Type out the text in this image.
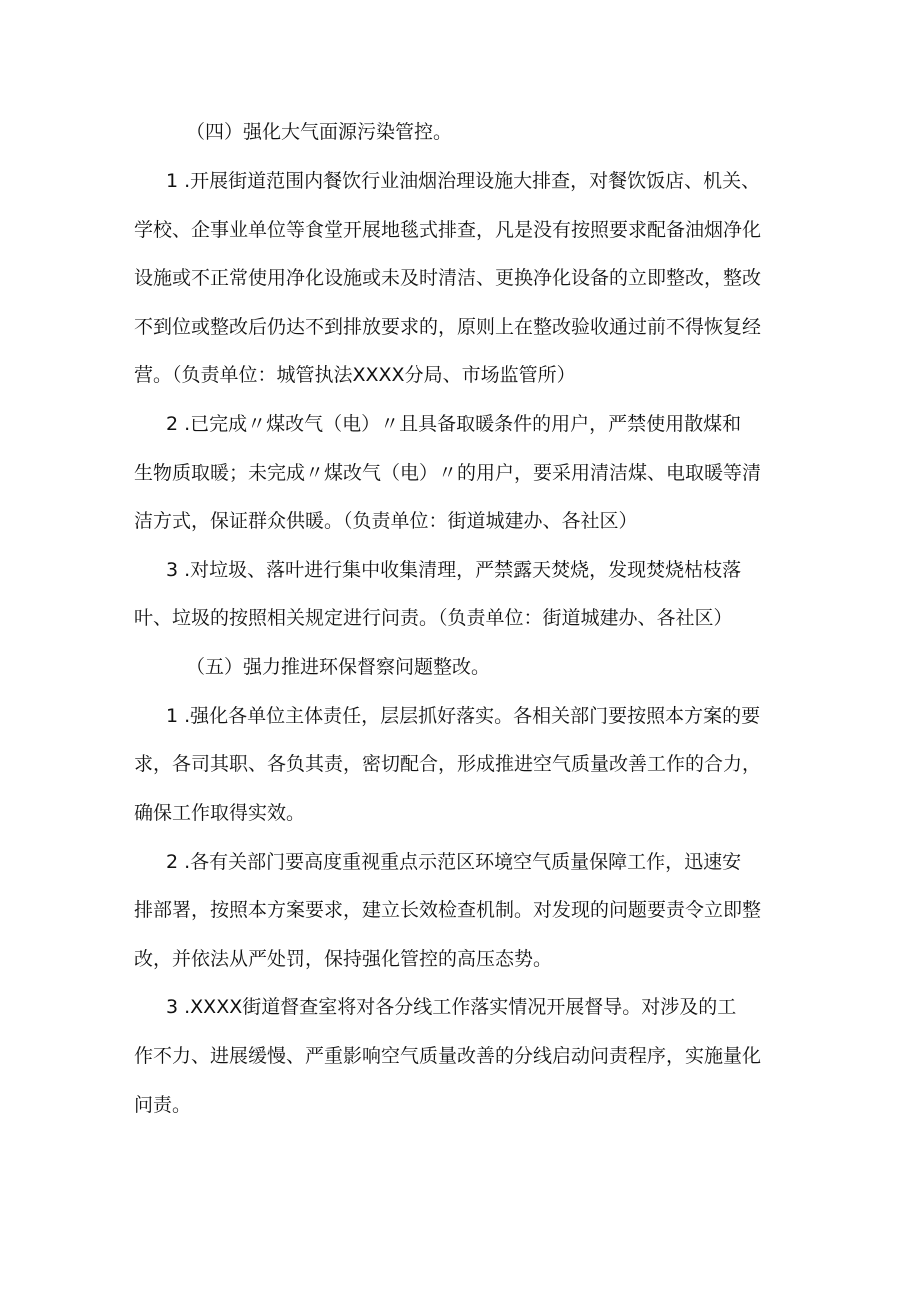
（四）强化大气面源污染管控。
1 .开展街道范围内餐饮行业油烟治理设施大排查，对餐饮饭店、机关、
学校、企事业单位等食堂开展地毯式排查，凡是没有按照要求配备油烟净化
设施或不正常使用净化设施或未及时清洁、更换净化设备的立即整改，整改
不到位或整改后仍达不到排放要求的，原则上在整改验收通过前不得恢复经
营。（负责单位：城管执法XXXX分局、市场监管所）
2 .已完成〃煤改气（电）〃且具备取暖条件的用户，严禁使用散煤和
生物质取暖；未完成〃煤改气（电）〃的用户，要采用清洁煤、电取暖等清
洁方式，保证群众供暖。（负责单位：街道城建办、各社区）
3 .对垃圾、落叶进行集中收集清理，严禁露天焚烧，发现焚烧枯枝落
叶、垃圾的按照相关规定进行问责。（负责单位：街道城建办、各社区）
（五）强力推进环保督察问题整改。
1 .强化各单位主体责任，层层抓好落实。各相关部门要按照本方案的要
求，各司其职、各负其责，密切配合，形成推进空气质量改善工作的合力，
确保工作取得实效。
2 .各有关部门要高度重视重点示范区环境空气质量保障工作，迅速安
排部署，按照本方案要求，建立长效检查机制。对发现的问题要责令立即整
改，并依法从严处罚，保持强化管控的高压态势。
3 .XXXX街道督查室将对各分线工作落实情况开展督导。对涉及的工
作不力、进展缓慢、严重影响空气质量改善的分线启动问责程序，实施量化
问责。
